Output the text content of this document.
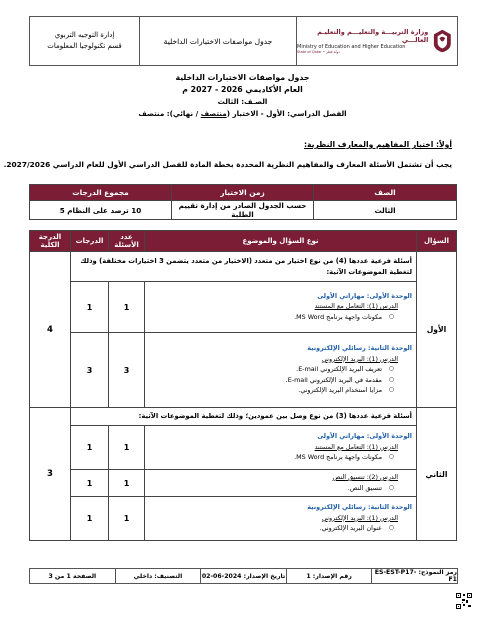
إدارة التوجيه التربوي
قسم تكنولوجيا المعلومات
جدول مواصفات الاختبارات الداخلية
وزارة التربيـــة والتعليـــم والتعليـم العالـــي
Ministry of Education and Higher Education
State of Qatar • دولة قطر
جدول مواصفات الاختبارات الداخلية
العام الأكاديمي 2026 - 2027 م
الصـف: الثالث
الفصل الدراسي: الأول - الاختبار (منتصف / نهائي): منتصف
أولاً: اختبار المفاهيم والمعارف النظرية:
يجب أن تشتمل الأسئلة المعارف والمفاهيم النظرية المحددة بخطة المادة للفصل الدراسي الأول للعام الدراسي 2027/2026.
الصف	زمن الاختبار	مجموع الدرجات
الثالث	حسب الجدول الصادر من إدارة تقييم الطلبة	10 ترصد على النظام 5
السؤال	نوع السؤال والموضوع	عدد الأسئلة	الدرجات	الدرجة الكلية
الأول	أسئلة فرعية عددها (4) من نوع اختيار من متعدد (الاختيار من متعدد يتضمن 3 اختيارات مختلفة) وذلك لتغطية الموضوعات الآتية:			4

	الوحدة الأولى: مهاراتي الأولى
الدرس (1): التعامل مع المستند
○ مكونات واجهة برنامج MS Word.	1	1	

	الوحدة الثانية: رسائلي الإلكترونية
الدرس (1): البريد الإلكتروني
○ تعريف البريد الإلكتروني E-mail.
○ مقدمة في البريد الإلكتروني E-mail.
○ مزايا استخدام البريد الإلكتروني.	3	3	
الثاني	أسئلة فرعية عددها (3) من نوع وصل بين عمودين؛ وذلك لتغطية الموضوعات الآتية:			3

	الوحدة الأولى: مهاراتي الأولى
الدرس (1): التعامل مع المستند
○ مكونات واجهة برنامج MS Word.	1	1	

	الدرس (2): تنسيق النص
○ تنسيق النص.	1	1	

	الوحدة الثانية: رسائلي الإلكترونية
الدرس (1): البريد الإلكتروني
○ عنوان البريد الإلكتروني.	1	1	
رمز النموذج: ES-EST-P17-F1
رقم الإصدار: 1
تاريخ الإصدار: 2024-06-02
التصنيف: داخلي
الصفحة 1 من 3
